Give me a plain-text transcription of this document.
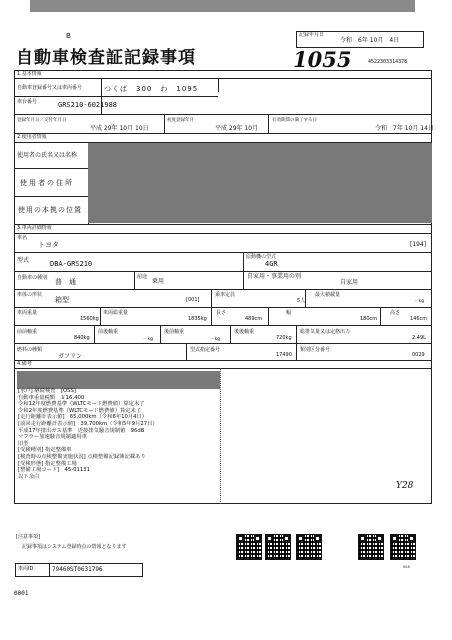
B
自動車検査証記録事項	1055
記録年月日
令和　6年 10月　4日
4522303314378
1.基本情報
自動車登録番号又は車両番号	つくば　300　わ　1095
車台番号	GRS210-6021988
登録年月日／交付年月日
平成 29年 10月 10日
初度登録年月
平成 29年 10月
有効期間の満了する日
令和　7年 10月 14日
2.使用者情報
使用者の氏名又は名称
使用者の住所
使用の本拠の位置
3.車両詳細情報
車名
トヨタ	[194]
型式	DBA-GRS210
原動機の型式
4GR
自動車の種別 普　通
用途
乗用
自家用・事業用の別
自家用
車体の形状
箱型	[001]
乗車定員
5人
最大積載量
－kg
車両重量
1560kg
車両総重量
1835kg
長さ
489cm
幅
180cm
高さ
146cm
前前軸重
840kg
前後軸重
－kg
後前軸重
－kg
後後軸重
720kg
総排気量又は定格出力
2.49L
燃料の種類
ガソリン
型式指定番号
17490
類別区分番号
0029
4.備考
[水戸] 継続検査　[OSS]
自動車重量税額　￥16,400
令和12年度燃費基準（WLTCモード燃費値）算定未了
令和2年度燃費基準（WLTCモード燃費値）算定未了
[走行距離計表示値]　65,000km（令和6年10月4日）
[前回走行距離計表示値]　39,700km（令和5年9月27日）
平成17年排出ガス基準　近接排気騒音規制値　96dB
マフラー加速騒音規制適用車
旧型
[受検種別] 指定整備車
[検査時の点検整備実施状況] 点検整備記録簿記載あり
[受検形態] 指定整備工場
[整備工場コード]　45-01131
以下余白
Y28
[注意事項]
記録事項はシステム登録時点の情報となります
00X
車両ID	79460ST0631796
0001
